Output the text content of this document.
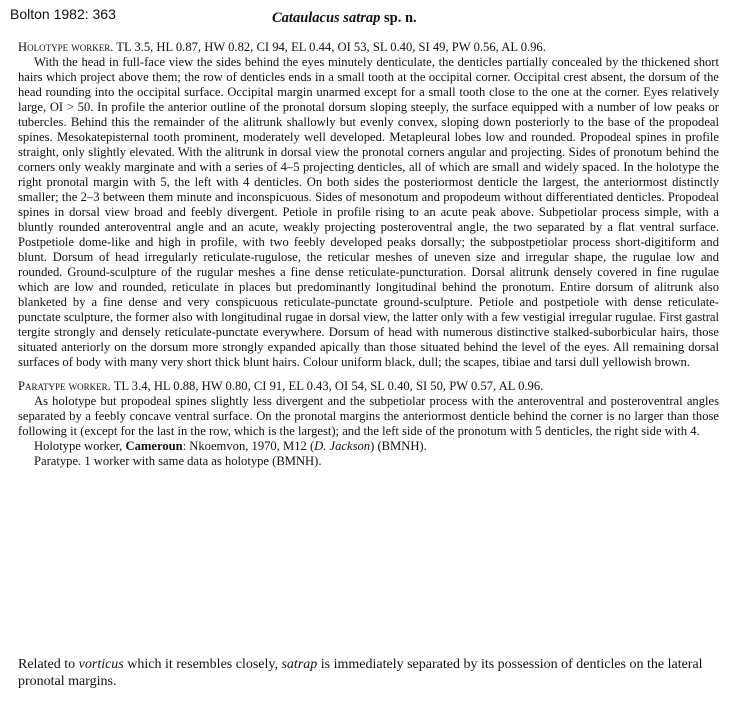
Bolton 1982: 363	Cataulacus satrap sp. n.

Holotype worker. TL 3.5, HL 0.87, HW 0.82, CI 94, EL 0.44, OI 53, SL 0.40, SI 49, PW 0.56, AL 0.96.

With the head in full-face view the sides behind the eyes minutely denticulate, the denticles partially concealed by the thickened short hairs which project above them; the row of denticles ends in a small tooth at the occipital corner. Occipital crest absent, the dorsum of the head rounding into the occipital surface. Occipital margin unarmed except for a small tooth close to the one at the corner. Eyes relatively large, OI > 50. In profile the anterior outline of the pronotal dorsum sloping steeply, the surface equipped with a number of low peaks or tubercles. Behind this the remainder of the alitrunk shallowly but evenly convex, sloping down posteriorly to the base of the propodeal spines. Mesokatepisternal tooth prominent, moderately well developed. Metapleural lobes low and rounded. Propodeal spines in profile straight, only slightly elevated. With the alitrunk in dorsal view the pronotal corners angular and projecting. Sides of pronotum behind the corners only weakly marginate and with a series of 4–5 projecting denticles, all of which are small and widely spaced. In the holotype the right pronotal margin with 5, the left with 4 denticles. On both sides the posteriormost denticle the largest, the anteriormost distinctly smaller; the 2–3 between them minute and inconspicuous. Sides of mesonotum and propodeum without differentiated denticles. Propodeal spines in dorsal view broad and feebly divergent. Petiole in profile rising to an acute peak above. Subpetiolar process simple, with a bluntly rounded anteroventral angle and an acute, weakly projecting posteroventral angle, the two separated by a flat ventral surface. Postpetiole dome-like and high in profile, with two feebly developed peaks dorsally; the subpostpetiolar process short-digitiform and blunt. Dorsum of head irregularly reticulate-rugulose, the reticular meshes of uneven size and irregular shape, the rugulae low and rounded. Ground-sculpture of the rugular meshes a fine dense reticulate-puncturation. Dorsal alitrunk densely covered in fine rugulae which are low and rounded, reticulate in places but predominantly longitudinal behind the pronotum. Entire dorsum of alitrunk also blanketed by a fine dense and very conspicuous reticulate-punctate ground-sculpture. Petiole and postpetiole with dense reticulate-punctate sculpture, the former also with longitudinal rugae in dorsal view, the latter only with a few vestigial irregular rugulae. First gastral tergite strongly and densely reticulate-punctate everywhere. Dorsum of head with numerous distinctive stalked-suborbicular hairs, those situated anteriorly on the dorsum more strongly expanded apically than those situated behind the level of the eyes. All remaining dorsal surfaces of body with many very short thick blunt hairs. Colour uniform black, dull; the scapes, tibiae and tarsi dull yellowish brown.

Paratype worker. TL 3.4, HL 0.88, HW 0.80, CI 91, EL 0.43, OI 54, SL 0.40, SI 50, PW 0.57, AL 0.96.

As holotype but propodeal spines slightly less divergent and the subpetiolar process with the anteroventral and posteroventral angles separated by a feebly concave ventral surface. On the pronotal margins the anteriormost denticle behind the corner is no larger than those following it (except for the last in the row, which is the largest); and the left side of the pronotum with 5 denticles, the right side with 4.

Holotype worker, Cameroun: Nkoemvon, 1970, M12 (D. Jackson) (BMNH).

Paratype. 1 worker with same data as holotype (BMNH).

Related to vorticus which it resembles closely, satrap is immediately separated by its possession of denticles on the lateral pronotal margins.
